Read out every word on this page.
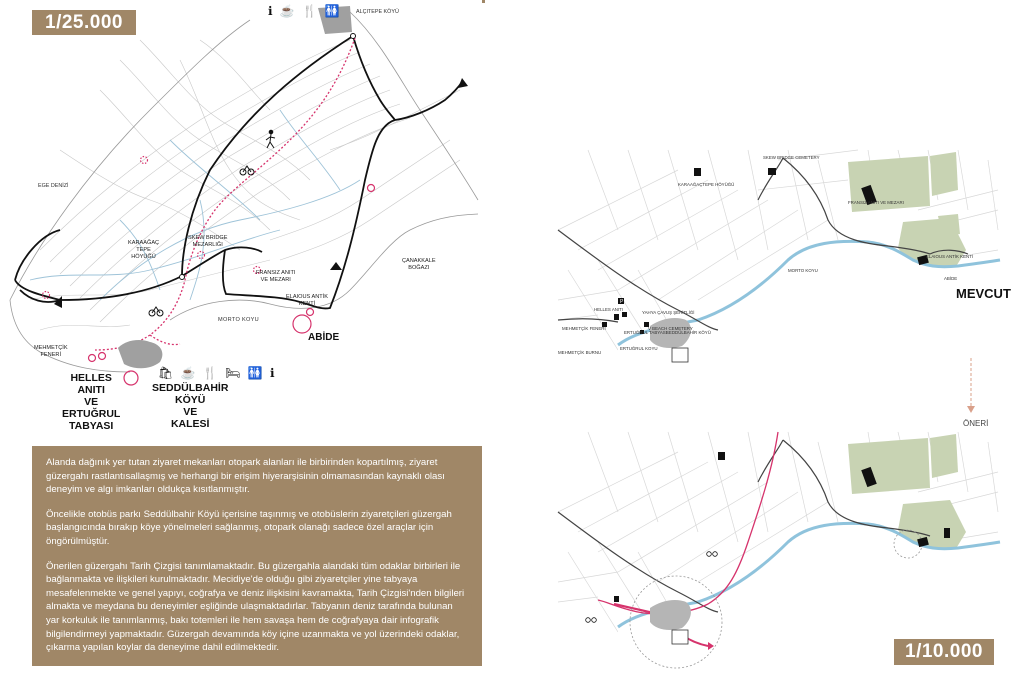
1/25.000
ℹ ☕ 🍴 🚻	ALÇITEPE KÖYÜ
EGE DENİZİ
KARAAĞAÇ
TEPE
HÖYÜĞÜ
SKEW BRIDGE
MEZARLIĞI
FRANSIZ ANITI
VE MEZARI
ELAIOUS ANTİK
KENTİ
ÇANAKKALE
BOĞAZI
MORTO KOYU
ABİDE
MEHMETÇİK
FENERİ
HELLES
ANITI
VE
ERTUĞRUL
TABYASI
SEDDÜLBAHİR
KÖYÜ
VE
KALESİ
🛍 ☕ 🍴 🛏 🚻 ℹ

Alanda dağınık yer tutan ziyaret mekanları otopark alanları ile birbirinden kopartılmış, ziyaret güzergahı rastlantısallaşmış ve herhangi bir erişim hiyerarşisinin olmamasından kaynaklı olası deneyim ve algı imkanları oldukça kısıtlanmıştır.

Öncelikle otobüs parkı Seddülbahir Köyü içerisine taşınmış ve otobüslerin ziyaretçileri güzergah başlangıcında bırakıp köye yönelmeleri sağlanmış, otopark olanağı sadece özel araçlar için öngörülmüştür.

Önerilen güzergahı Tarih Çizgisi tanımlamaktadır. Bu güzergahla alandaki tüm odaklar birbirleri ile bağlanmakta ve ilişkileri kurulmaktadır. Mecidiye'de olduğu gibi ziyaretçiler yine tabyaya mesafelenmekte ve genel yapıyı, coğrafya ve deniz ilişkisini kavramakta, Tarih Çizgisi'nden bilgileri almakta ve meydana bu deneyimler eşliğinde ulaşmaktadırlar. Tabyanın deniz tarafında bulunan yar korkuluk ile tanımlanmış, bakı totemleri ile hem savaşa hem de coğrafyaya dair infografik bilgilendirmeyi yapmaktadır. Güzergah devamında köy içine uzanmakta ve yol üzerindeki odaklar, çıkarma yapılan koylar da deneyime dahil edilmektedir.

P
SKEW BRIDGE CEMETERY
KARAAĞAÇTEPE HÖYÜĞÜ
FRANSIZ ANITI VE MEZARI
ELAIOUS ANTİK KENTİ
ABİDE
MORTO KOYU
HELLES ANITI
YAHYA ÇAVUŞ ŞEHİTLİĞİ
MEHMETÇİK FENERİ
ERTUĞRUL TABYASI
V BEACH CEMETERY
SEDDÜLBAHİR KÖYÜ
MEHMETÇİK BURNU
ERTUĞRUL KOYU
MEVCUT
ÖNERİ
1/10.000
